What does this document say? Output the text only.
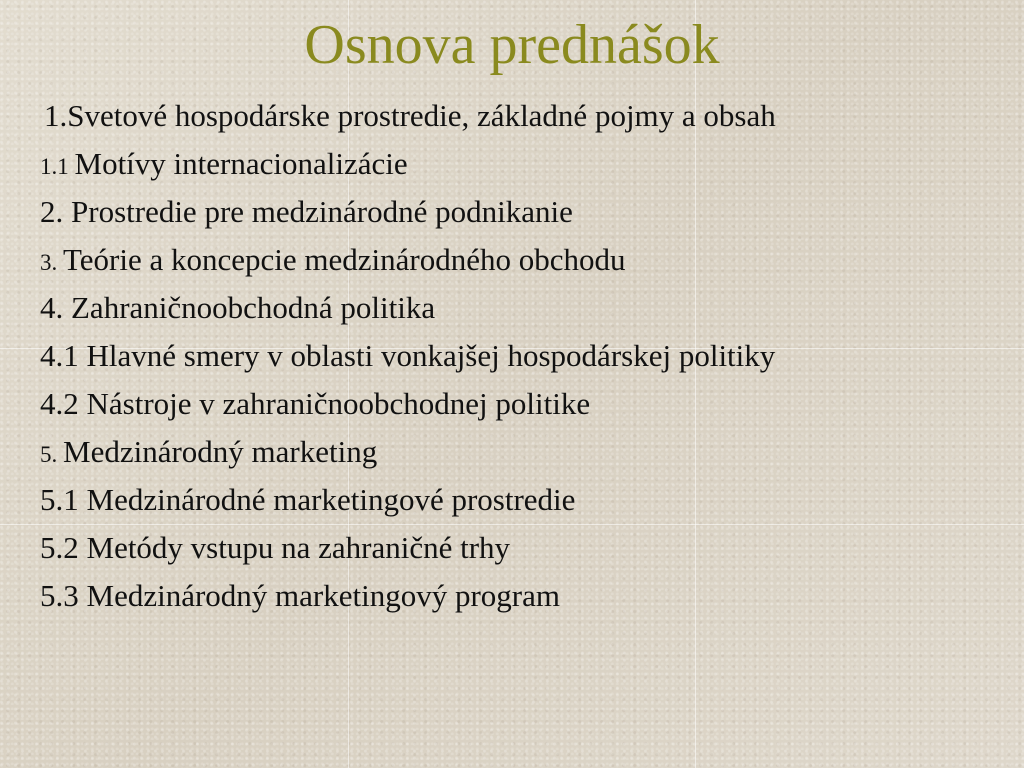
Osnova prednášok
1.Svetové hospodárske prostredie, základné pojmy a obsah
1.1 Motívy internacionalizácie
2. Prostredie pre medzinárodné podnikanie
3. Teórie a koncepcie medzinárodného obchodu
4. Zahraničnoobchodná politika
4.1 Hlavné smery v oblasti vonkajšej hospodárskej politiky
4.2 Nástroje v zahraničnoobchodnej politike
5. Medzinárodný marketing
5.1 Medzinárodné marketingové prostredie
5.2 Metódy vstupu na zahraničné trhy
5.3 Medzinárodný marketingový program
